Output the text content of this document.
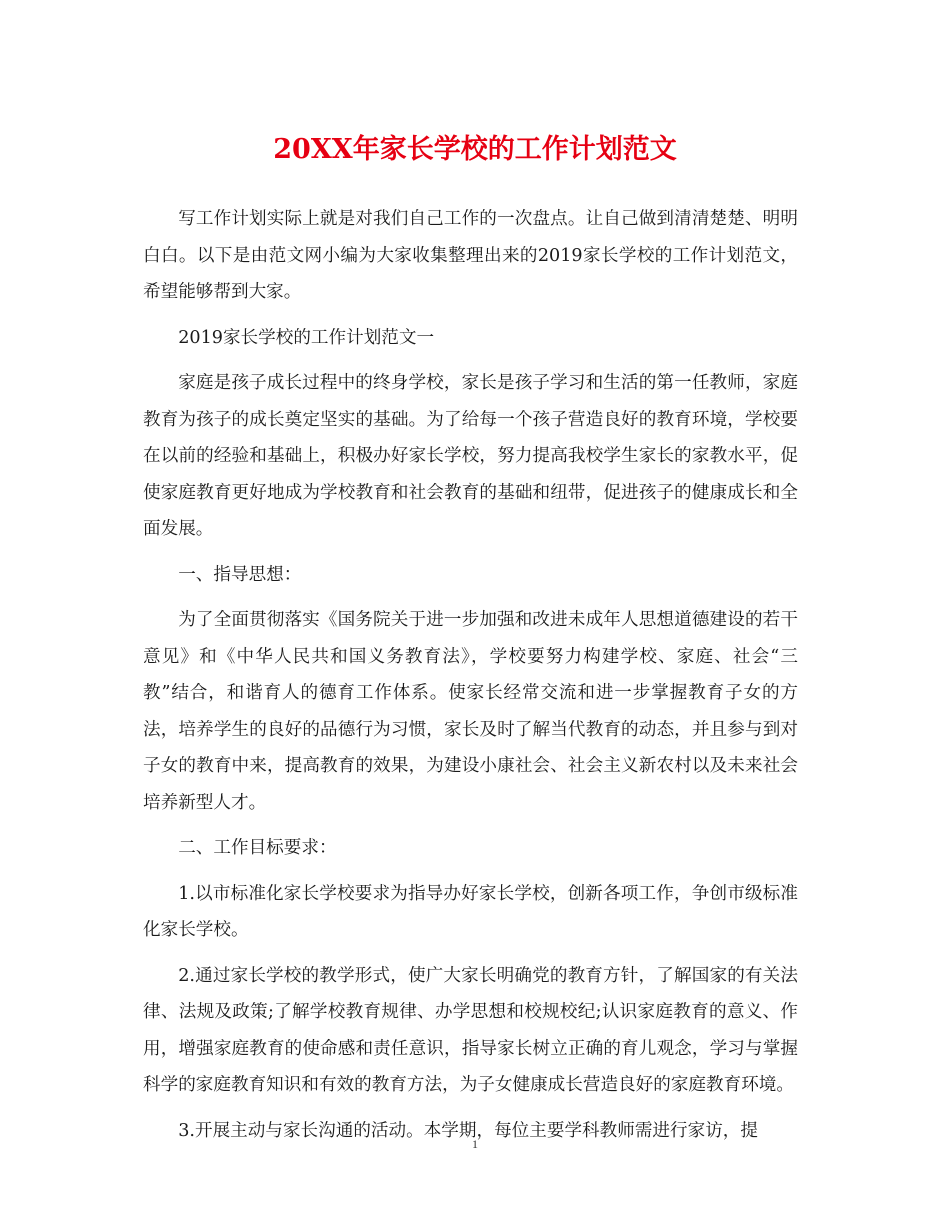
20XX年家长学校的工作计划范文

写工作计划实际上就是对我们自己工作的一次盘点。让自己做到清清楚楚、明明白白。以下是由范文网小编为大家收集整理出来的2019家长学校的工作计划范文，希望能够帮到大家。

2019家长学校的工作计划范文一

家庭是孩子成长过程中的终身学校，家长是孩子学习和生活的第一任教师，家庭教育为孩子的成长奠定坚实的基础。为了给每一个孩子营造良好的教育环境，学校要在以前的经验和基础上，积极办好家长学校，努力提高我校学生家长的家教水平，促使家庭教育更好地成为学校教育和社会教育的基础和纽带，促进孩子的健康成长和全面发展。

一、指导思想：

为了全面贯彻落实《国务院关于进一步加强和改进未成年人思想道德建设的若干意见》和《中华人民共和国义务教育法》，学校要努力构建学校、家庭、社会“三教”结合，和谐育人的德育工作体系。使家长经常交流和进一步掌握教育子女的方法，培养学生的良好的品德行为习惯，家长及时了解当代教育的动态，并且参与到对子女的教育中来，提高教育的效果，为建设小康社会、社会主义新农村以及未来社会培养新型人才。

二、工作目标要求：

1.以市标准化家长学校要求为指导办好家长学校，创新各项工作，争创市级标准化家长学校。

2.通过家长学校的教学形式，使广大家长明确党的教育方针，了解国家的有关法律、法规及政策;了解学校教育规律、办学思想和校规校纪;认识家庭教育的意义、作用，增强家庭教育的使命感和责任意识，指导家长树立正确的育儿观念，学习与掌握科学的家庭教育知识和有效的教育方法，为子女健康成长营造良好的家庭教育环境。

3.开展主动与家长沟通的活动。本学期，每位主要学科教师需进行家访，提

1
